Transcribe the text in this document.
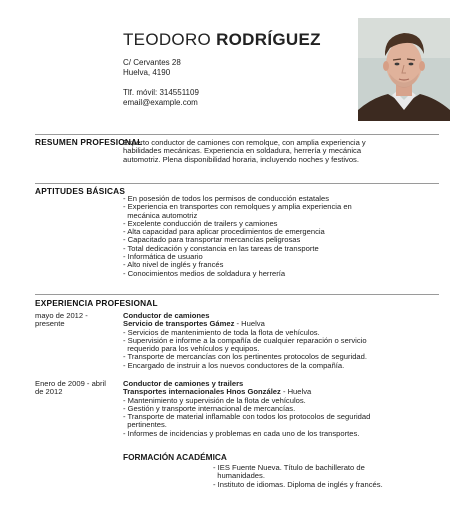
TEODORO RODRÍGUEZ
C/ Cervantes 28
Huelva, 4190
Tlf. móvil: 314551109
email@example.com
RESUMEN PROFESIONAL
Experto conductor de camiones con remolque, con amplia experiencia y
habilidades mecánicas. Experiencia en soldadura, herrería y mecánica
automotriz. Plena disponibilidad horaria, incluyendo noches y festivos.
APTITUDES BÁSICAS
- En posesión de todos los permisos de conducción estatales
- Experiencia en transportes con remolques y amplia experiencia en
mecánica automotriz
- Excelente conducción de trailers y camiones
- Alta capacidad para aplicar procedimientos de emergencia
- Capacitado para transportar mercancías peligrosas
- Total dedicación y constancia en las tareas de transporte
- Informática de usuario
- Alto nivel de inglés y francés
- Conocimientos medios de soldadura y herrería
EXPERIENCIA PROFESIONAL
mayo de 2012 -
presente
Conductor de camiones
Servicio de transportes Gámez - Huelva
- Servicios de mantenimiento de toda la flota de vehículos.
- Supervisión e informe a la compañía de cualquier reparación o servicio
requerido para los vehículos y equipos.
- Transporte de mercancías con los pertinentes protocolos de seguridad.
- Encargado de instruir a los nuevos conductores de la compañía.
Enero de 2009 - abril
de 2012
Conductor de camiones y trailers
Transportes internacionales Hnos González - Huelva
- Mantenimiento y supervisión de la flota de vehículos.
- Gestión y transporte internacional de mercancías.
- Transporte de material inflamable con todos los protocolos de seguridad
pertinentes.
- Informes de incidencias y problemas en cada uno de los transportes.
FORMACIÓN ACADÉMICA
- IES Fuente Nueva. Título de bachillerato de
humanidades.
- Instituto de idiomas. Diploma de inglés y francés.
